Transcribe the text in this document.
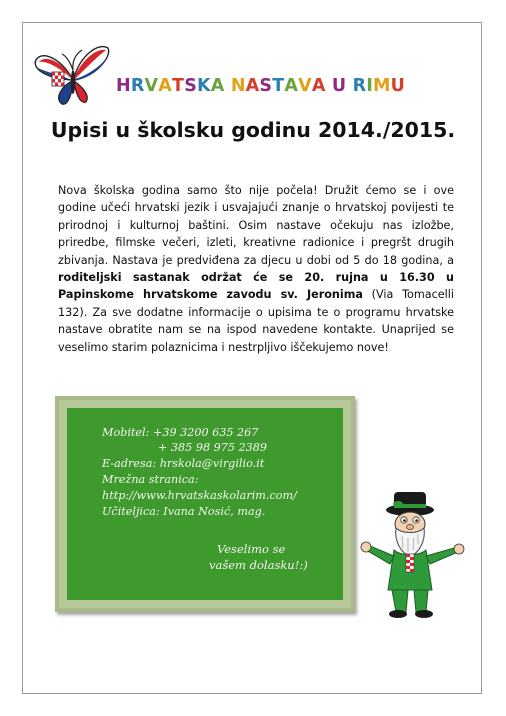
HRVATSKA NASTAVA U RIMU
Upisi u školsku godinu 2014./2015.
Nova školska godina samo što nije počela! Družit ćemo se i ove godine učeći hrvatski jezik i usvajajući znanje o hrvatskoj povijesti te prirodnoj i kulturnoj baštini. Osim nastave očekuju nas izložbe, priredbe, filmske večeri, izleti, kreativne radionice i pregršt drugih zbivanja. Nastava je predviđena za djecu u dobi od 5 do 18 godina, a roditeljski sastanak održat će se 20. rujna u 16.30 u Papinskome hrvatskome zavodu sv. Jeronima (Via Tomacelli 132). Za sve dodatne informacije o upisima te o programu hrvatske nastave obratite nam se na ispod navedene kontakte. Unaprijed se veselimo starim polaznicima i nestrpljivo iščekujemo nove!
Mobitel: +39 3200 635 267
+ 385 98 975 2389
E-adresa: hrskola@virgilio.it
Mrežna stranica:
http://www.hrvatskaskolarim.com/
Učiteljica: Ivana Nosić, mag.
Veselimo se
vašem dolasku!:)
